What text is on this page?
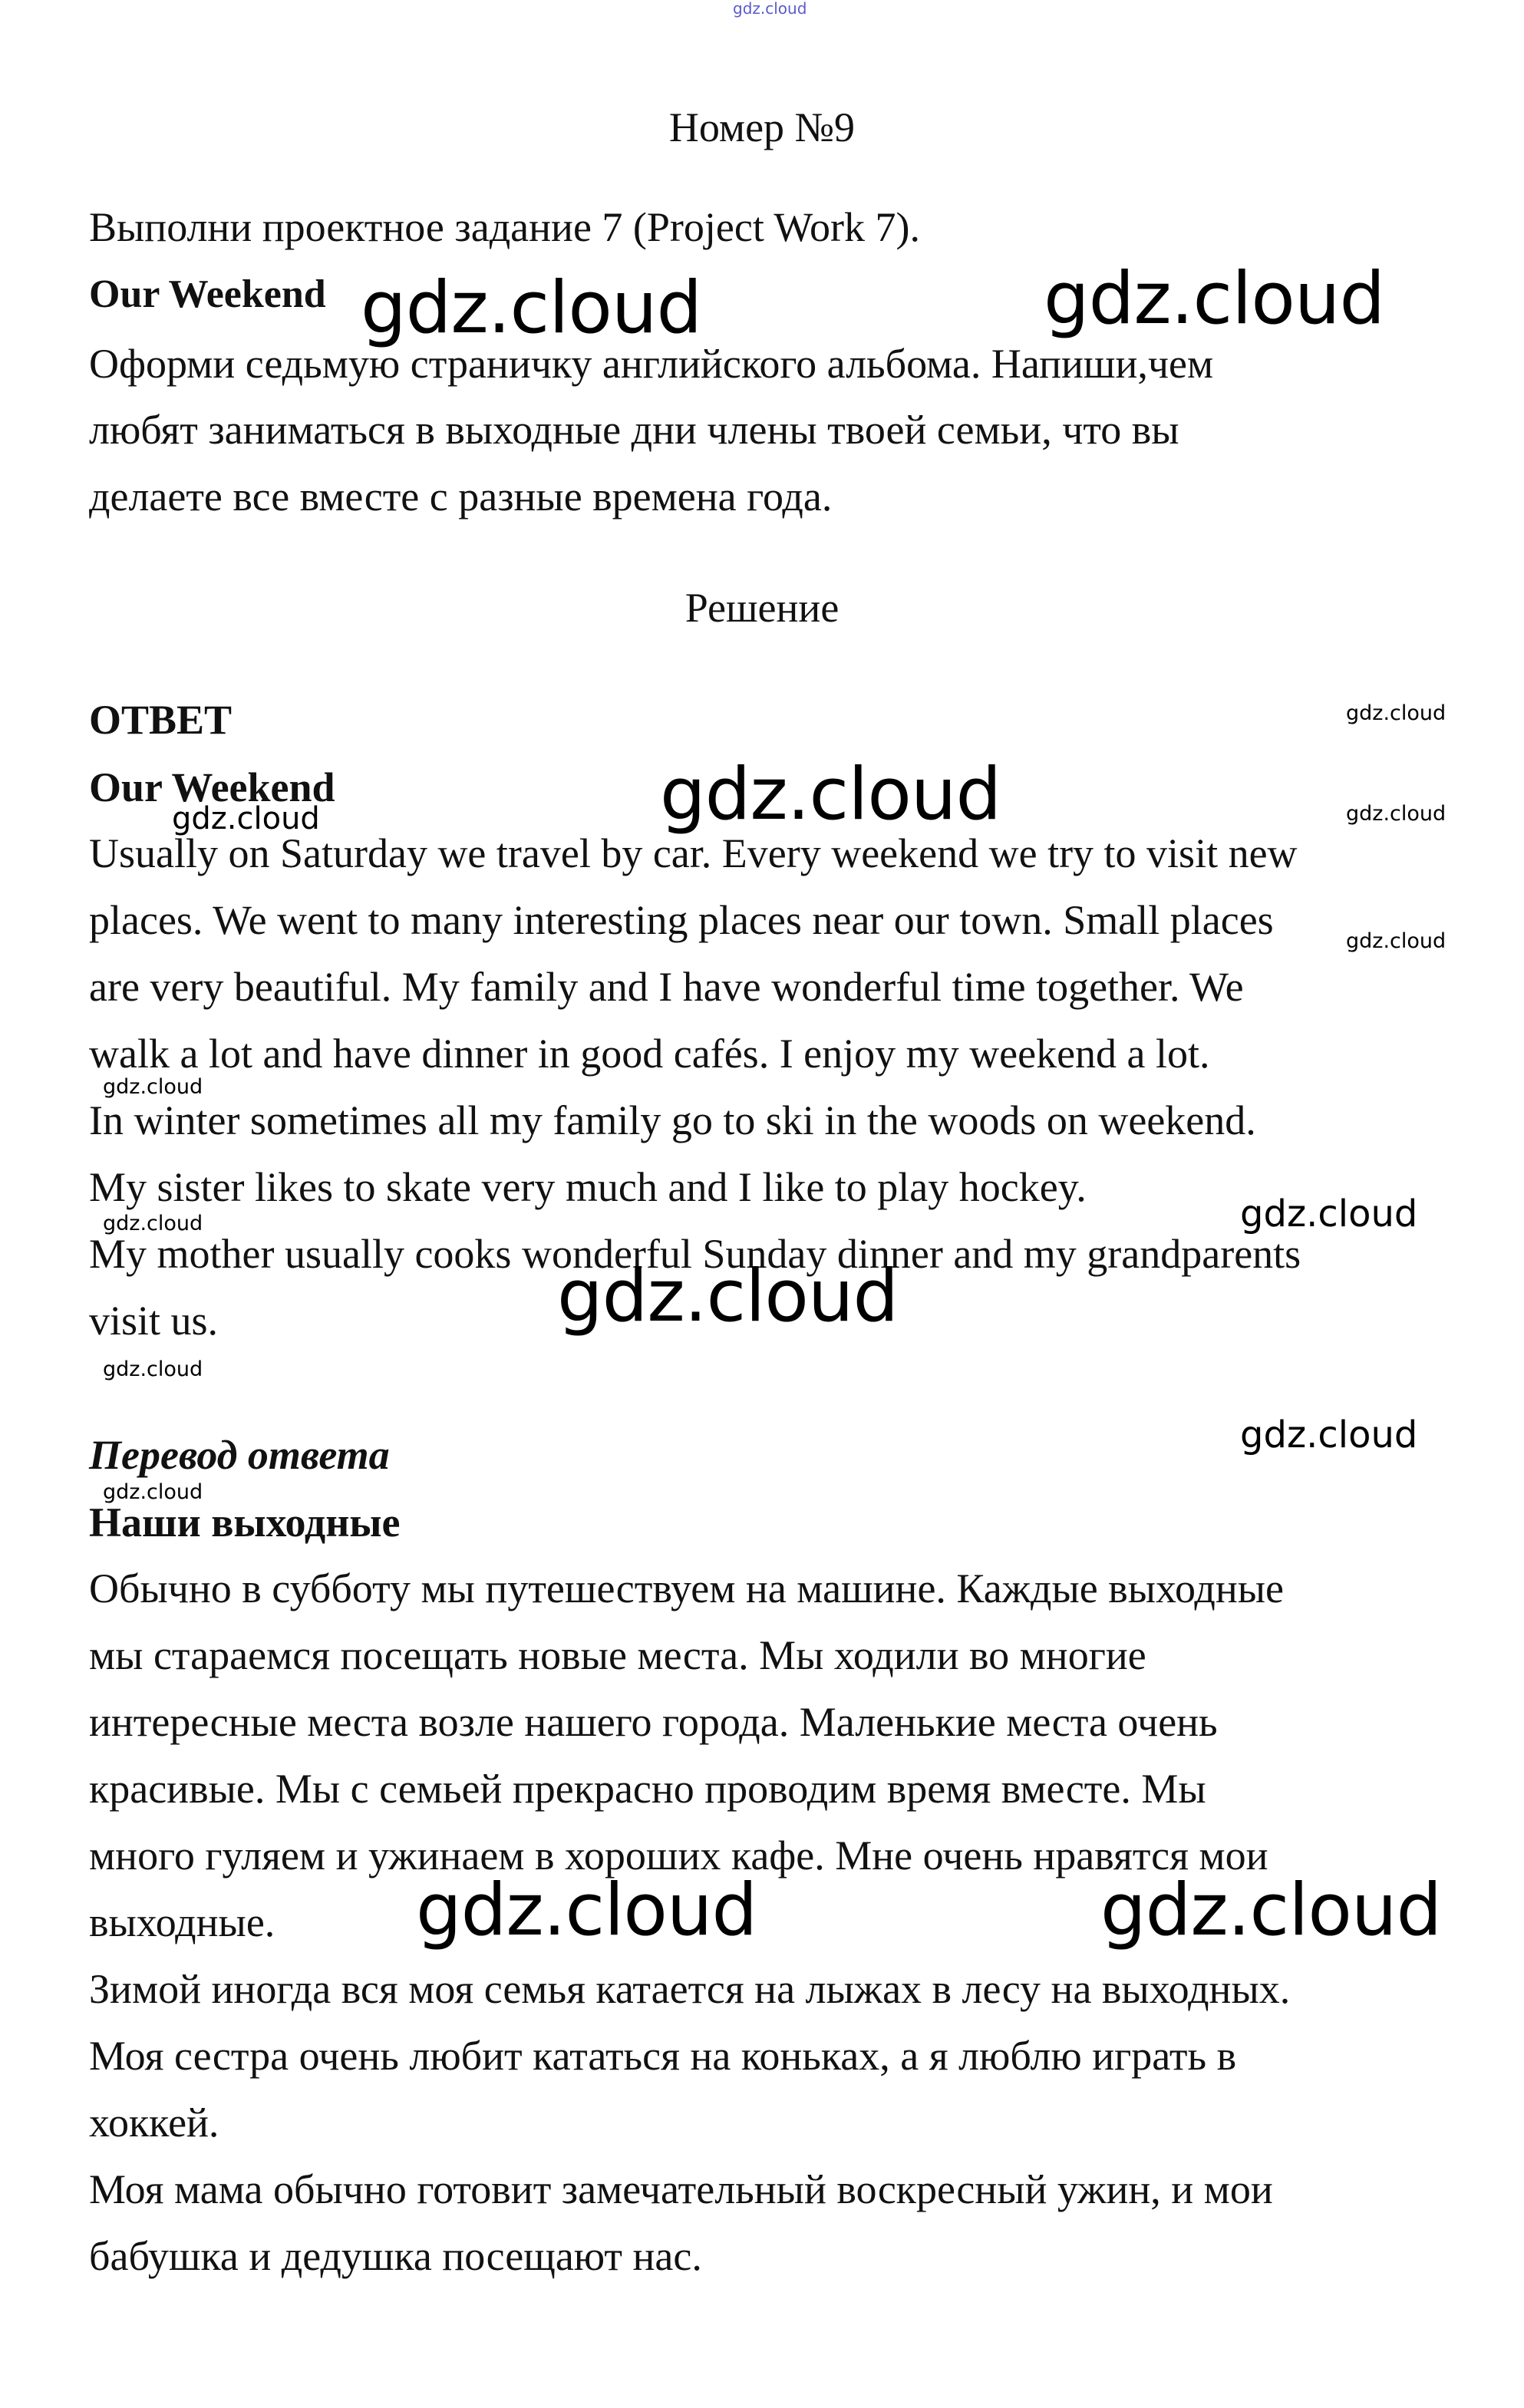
Номер №9
Выполни проектное задание 7 (Project Work 7).
Our Weekend
Оформи седьмую страничку английского альбома. Напиши,чем
любят заниматься в выходные дни члены твоей семьи, что вы
делаете все вместе с разные времена года.
Решение
ОТВЕТ
Our Weekend
Usually on Saturday we travel by car. Every weekend we try to visit new
places. We went to many interesting places near our town. Small places
are very beautiful. My family and I have wonderful time together. We
walk a lot and have dinner in good cafés. I enjoy my weekend a lot.
In winter sometimes all my family go to ski in the woods on weekend.
My sister likes to skate very much and I like to play hockey.
My mother usually cooks wonderful Sunday dinner and my grandparents
visit us.
Перевод ответа
Наши выходные
Обычно в субботу мы путешествуем на машине. Каждые выходные
мы стараемся посещать новые места. Мы ходили во многие
интересные места возле нашего города. Маленькие места очень
красивые. Мы с семьей прекрасно проводим время вместе. Мы
много гуляем и ужинаем в хороших кафе. Мне очень нравятся мои
выходные.
Зимой иногда вся моя семья катается на лыжах в лесу на выходных.
Моя сестра очень любит кататься на коньках, а я люблю играть в
хоккей.
Моя мама обычно готовит замечательный воскресный ужин, и мои
бабушка и дедушка посещают нас.
gdz.cloud
gdz.cloud	gdz.cloud
gdz.cloud
gdz.cloud
gdz.cloud	gdz.cloud
gdz.cloud
gdz.cloud
gdz.cloud
gdz.cloud
gdz.cloud
gdz.cloud
gdz.cloud
gdz.cloud
gdz.cloud
gdz.cloud
